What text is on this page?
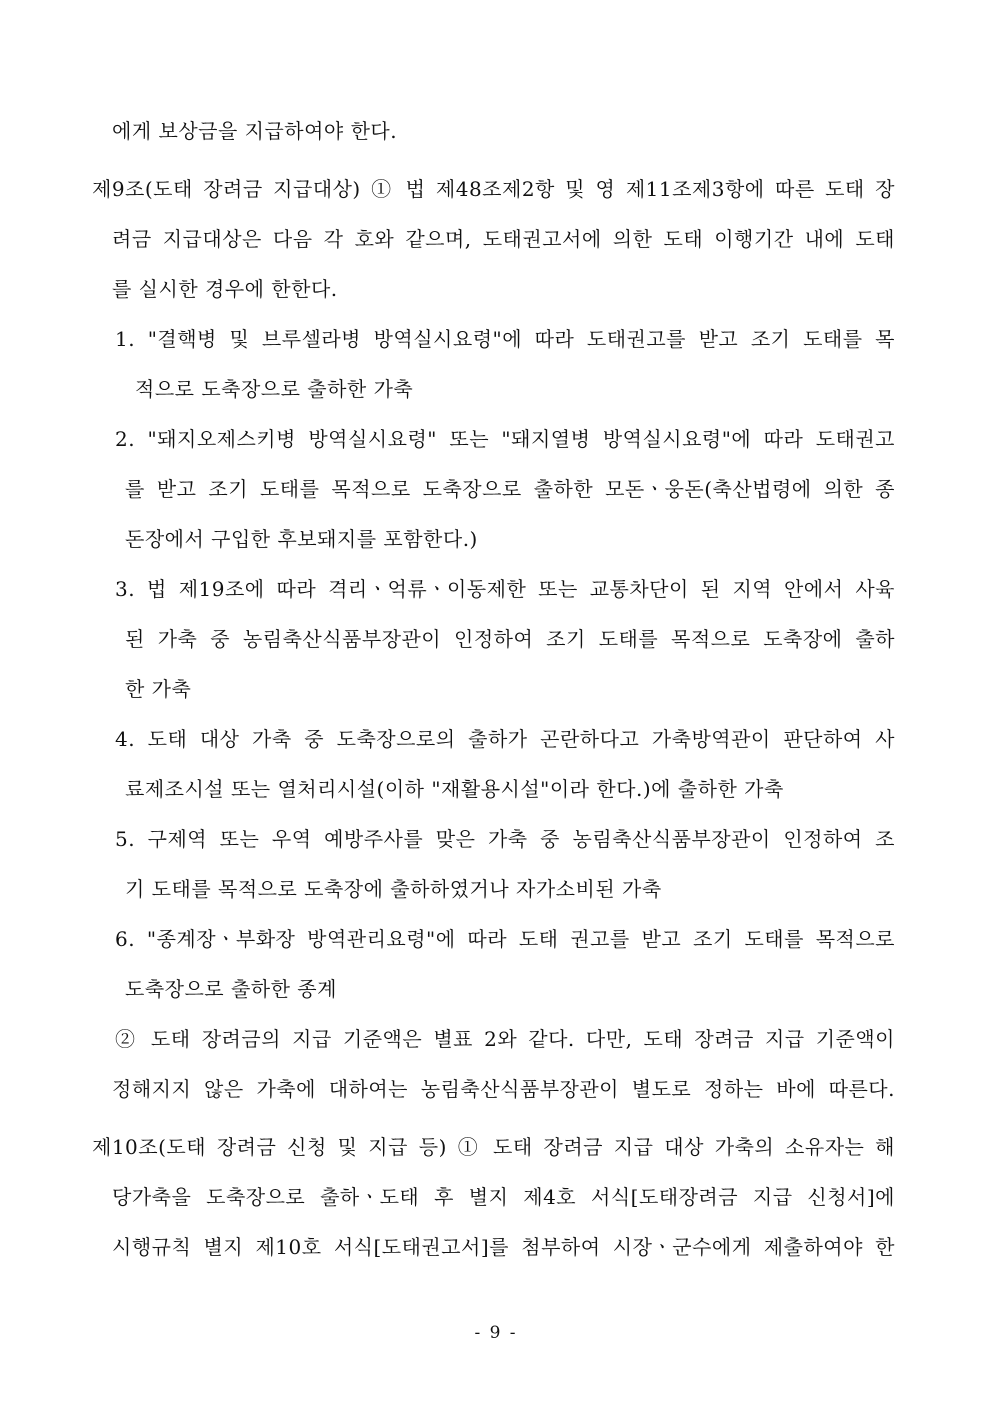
에게 보상금을 지급하여야 한다.
제9조(도태 장려금 지급대상) ① 법 제48조제2항 및 영 제11조제3항에 따른 도태 장
려금 지급대상은 다음 각 호와 같으며, 도태권고서에 의한 도태 이행기간 내에 도태
를 실시한 경우에 한한다.
1. "결핵병 및 브루셀라병 방역실시요령"에 따라 도태권고를 받고 조기 도태를 목
적으로 도축장으로 출하한 가축
2. "돼지오제스키병 방역실시요령" 또는 "돼지열병 방역실시요령"에 따라 도태권고
를 받고 조기 도태를 목적으로 도축장으로 출하한 모돈ㆍ웅돈(축산법령에 의한 종
돈장에서 구입한 후보돼지를 포함한다.)
3. 법 제19조에 따라 격리ㆍ억류ㆍ이동제한 또는 교통차단이 된 지역 안에서 사육
된 가축 중 농림축산식품부장관이 인정하여 조기 도태를 목적으로 도축장에 출하
한 가축
4. 도태 대상 가축 중 도축장으로의 출하가 곤란하다고 가축방역관이 판단하여 사
료제조시설 또는 열처리시설(이하 "재활용시설"이라 한다.)에 출하한 가축
5. 구제역 또는 우역 예방주사를 맞은 가축 중 농림축산식품부장관이 인정하여 조
기 도태를 목적으로 도축장에 출하하였거나 자가소비된 가축
6. "종계장ㆍ부화장 방역관리요령"에 따라 도태 권고를 받고 조기 도태를 목적으로
도축장으로 출하한 종계
② 도태 장려금의 지급 기준액은 별표 2와 같다. 다만, 도태 장려금 지급 기준액이
정해지지 않은 가축에 대하여는 농림축산식품부장관이 별도로 정하는 바에 따른다.
제10조(도태 장려금 신청 및 지급 등) ① 도태 장려금 지급 대상 가축의 소유자는 해
당가축을 도축장으로 출하ㆍ도태 후 별지 제4호 서식[도태장려금 지급 신청서]에
시행규칙 별지 제10호 서식[도태권고서]를 첨부하여 시장ㆍ군수에게 제출하여야 한
- 9 -
